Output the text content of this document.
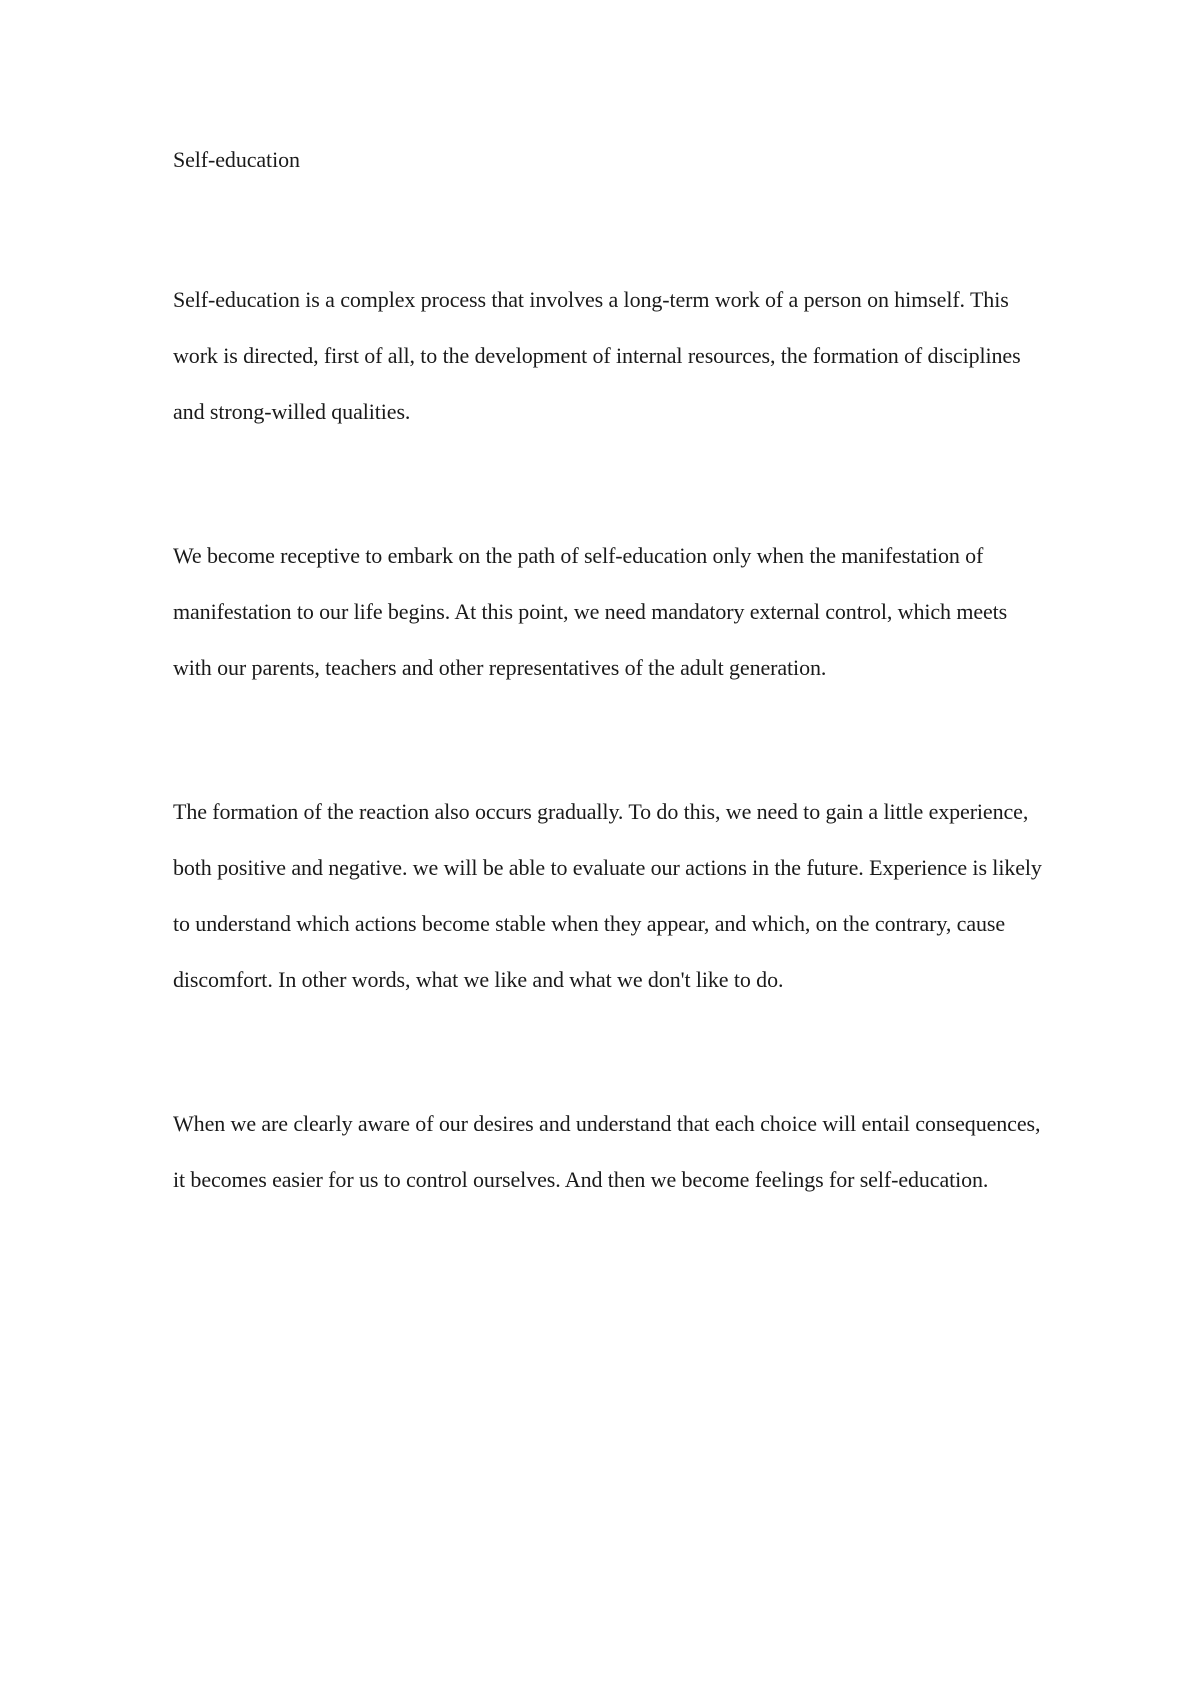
Self-education

Self-education is a complex process that involves a long-term work of a person on himself. This work is directed, first of all, to the development of internal resources, the formation of disciplines and strong-willed qualities.

We become receptive to embark on the path of self-education only when the manifestation of manifestation to our life begins. At this point, we need mandatory external control, which meets with our parents, teachers and other representatives of the adult generation.

The formation of the reaction also occurs gradually. To do this, we need to gain a little experience, both positive and negative. we will be able to evaluate our actions in the future. Experience is likely to understand which actions become stable when they appear, and which, on the contrary, cause discomfort. In other words, what we like and what we don't like to do.

When we are clearly aware of our desires and understand that each choice will entail consequences, it becomes easier for us to control ourselves. And then we become feelings for self-education.
